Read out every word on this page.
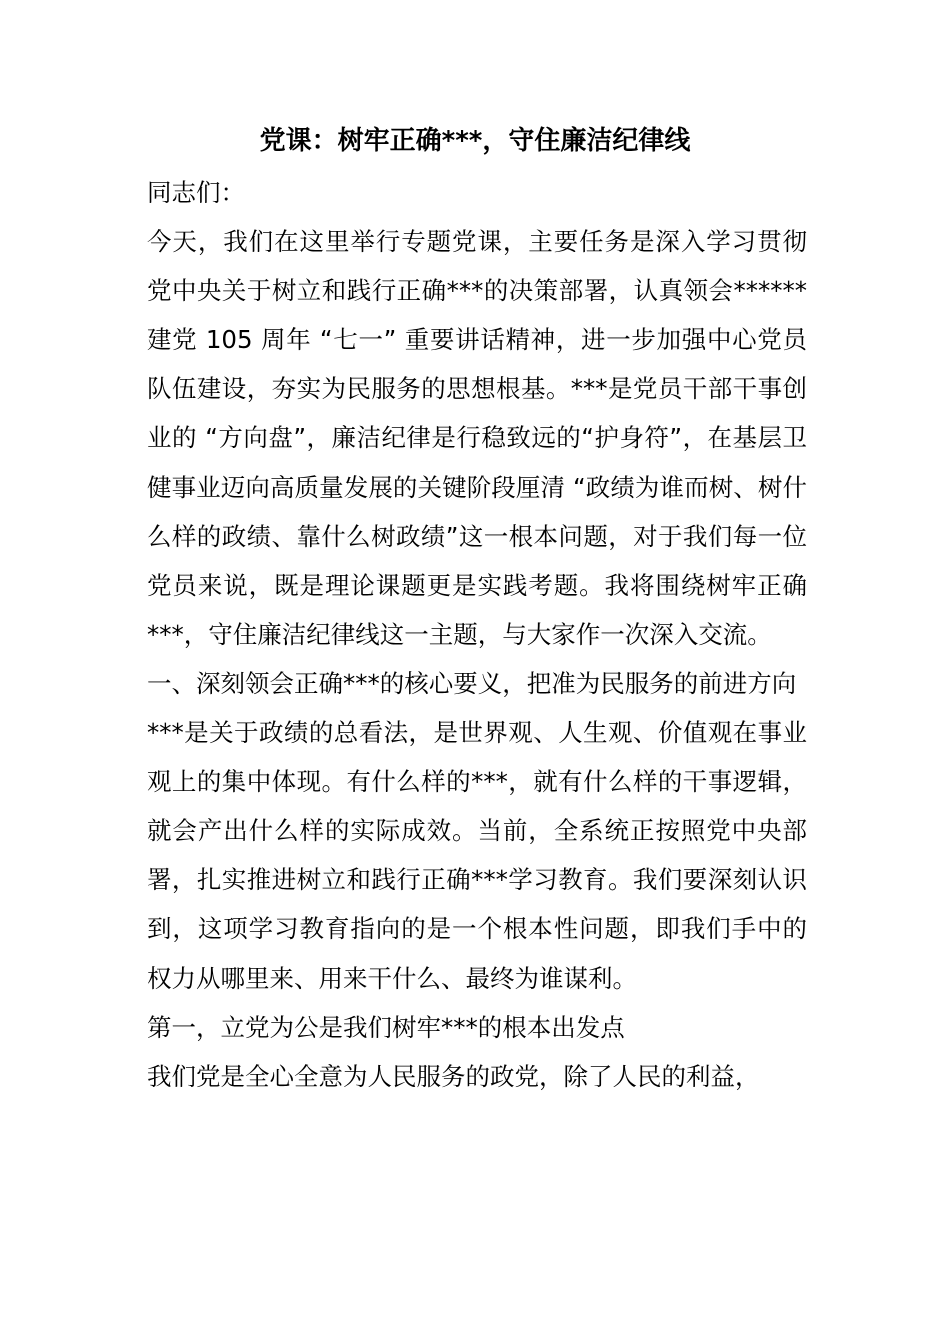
党课：树牢正确***，守住廉洁纪律线

同志们：

今天，我们在这里举行专题党课，主要任务是深入学习贯彻党中央关于树立和践行正确***的决策部署，认真领会******建党 105 周年 “七一” 重要讲话精神，进一步加强中心党员队伍建设，夯实为民服务的思想根基。***是党员干部干事创业的 “方向盘”，廉洁纪律是行稳致远的“护身符”，在基层卫健事业迈向高质量发展的关键阶段厘清 “政绩为谁而树、树什么样的政绩、靠什么树政绩”这一根本问题，对于我们每一位党员来说，既是理论课题更是实践考题。我将围绕树牢正确***，守住廉洁纪律线这一主题，与大家作一次深入交流。

一、深刻领会正确***的核心要义，把准为民服务的前进方向

***是关于政绩的总看法，是世界观、人生观、价值观在事业观上的集中体现。有什么样的***，就有什么样的干事逻辑，就会产出什么样的实际成效。当前，全系统正按照党中央部署，扎实推进树立和践行正确***学习教育。我们要深刻认识到，这项学习教育指向的是一个根本性问题，即我们手中的权力从哪里来、用来干什么、最终为谁谋利。

第一，立党为公是我们树牢***的根本出发点

我们党是全心全意为人民服务的政党，除了人民的利益，
